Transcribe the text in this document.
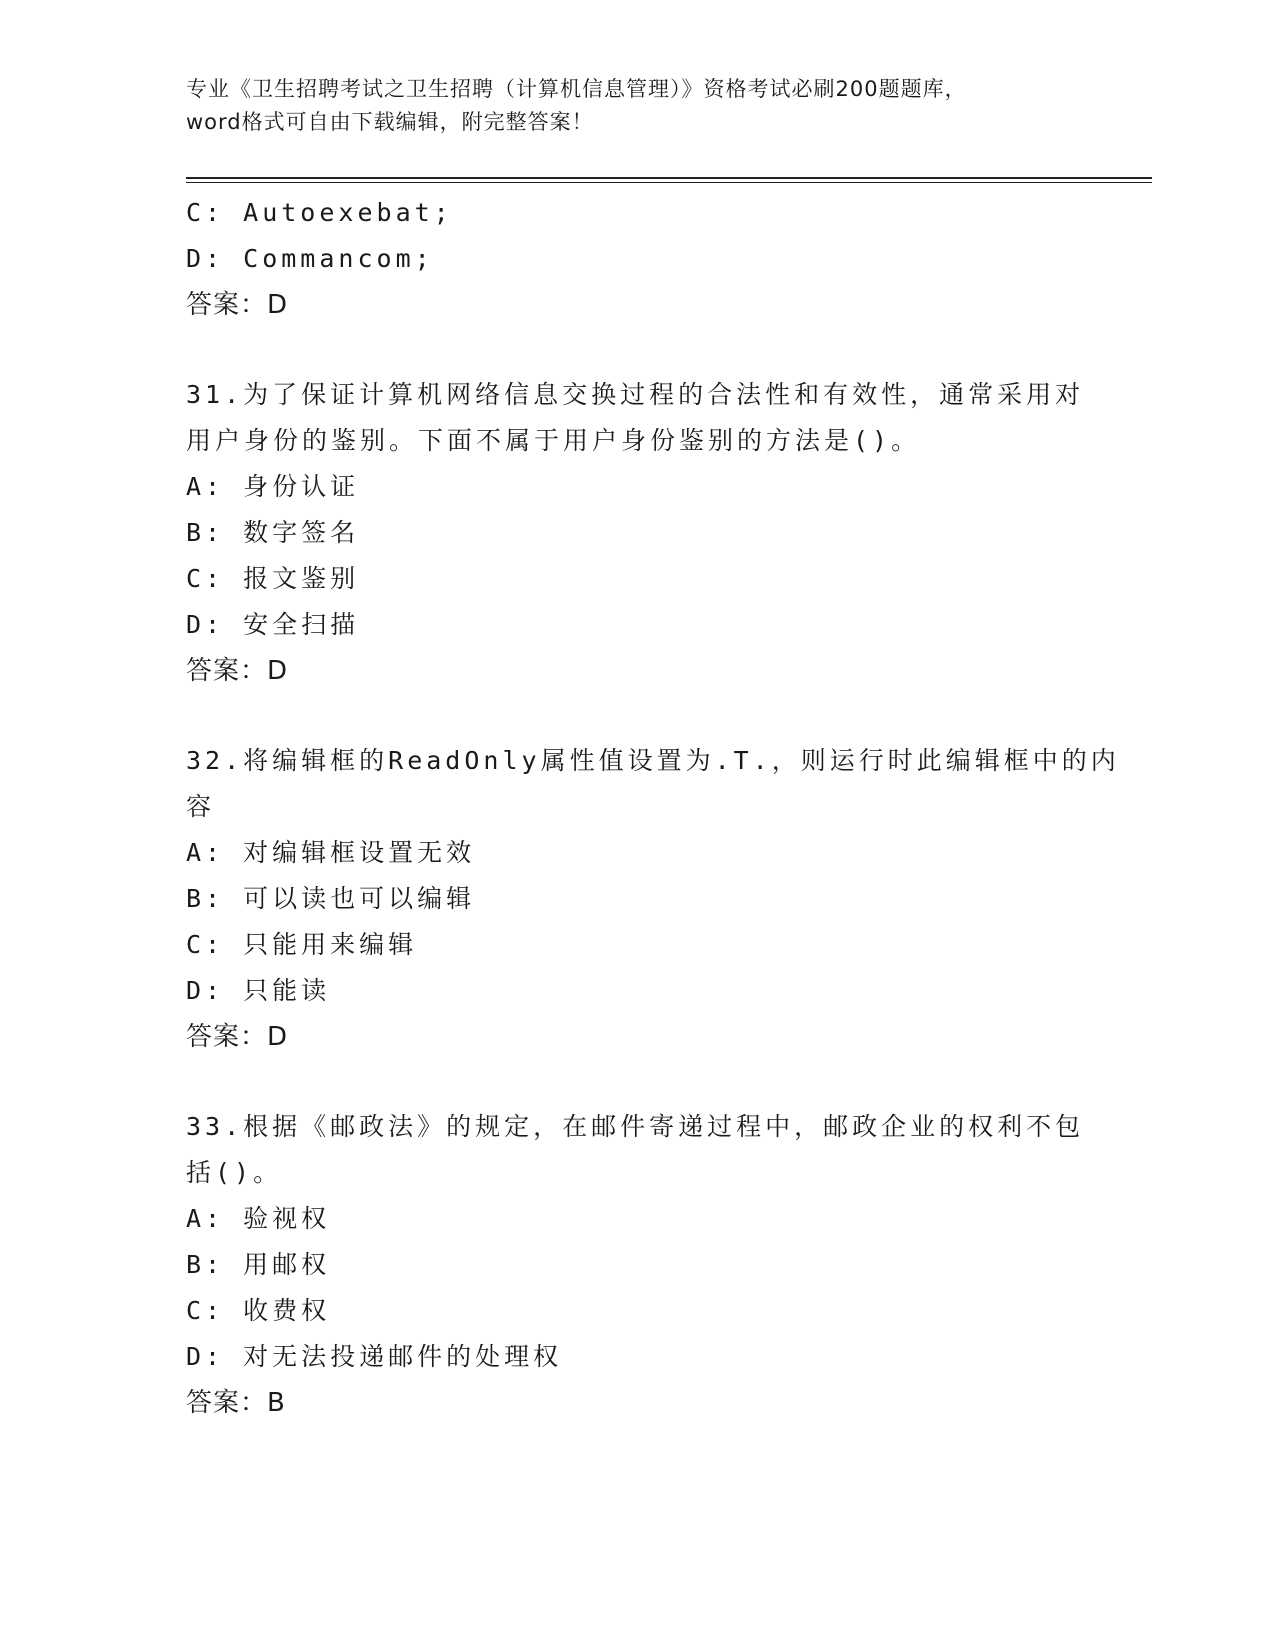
专业《卫生招聘考试之卫生招聘（计算机信息管理）》资格考试必刷200题题库，
word格式可自由下载编辑，附完整答案！
C: Autoexebat;
D: Commancom;
答案：D
31.为了保证计算机网络信息交换过程的合法性和有效性，通常采用对
用户身份的鉴别。下面不属于用户身份鉴别的方法是()。
A: 身份认证
B: 数字签名
C: 报文鉴别
D: 安全扫描
答案：D
32.将编辑框的ReadOnly属性值设置为.T.，则运行时此编辑框中的内
容
A: 对编辑框设置无效
B: 可以读也可以编辑
C: 只能用来编辑
D: 只能读
答案：D
33.根据《邮政法》的规定，在邮件寄递过程中，邮政企业的权利不包
括()。
A: 验视权
B: 用邮权
C: 收费权
D: 对无法投递邮件的处理权
答案：B
